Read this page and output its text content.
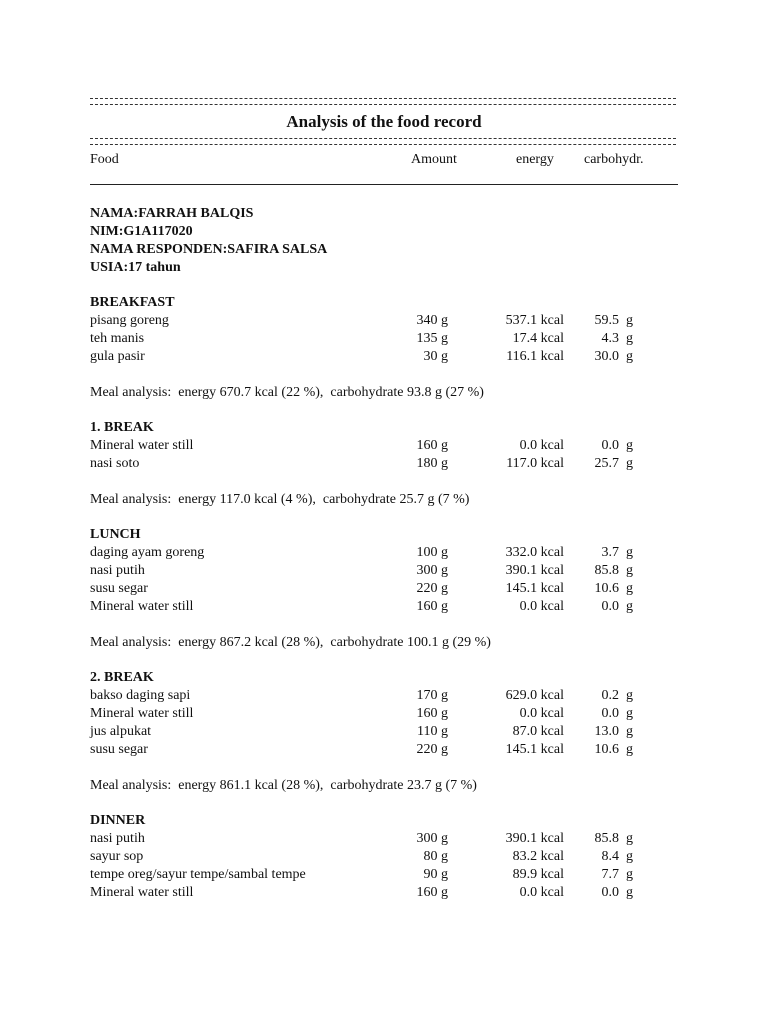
Analysis of the food record
Food	Amount	energy carbohydr.
NAMA:FARRAH BALQIS
NIM:G1A117020
NAMA RESPONDEN:SAFIRA SALSA
USIA:17 tahun
BREAKFAST
pisang goreng	340 g	537.1 kcal	59.5  g
teh manis	135 g	17.4 kcal	4.3  g
gula pasir	30 g	116.1 kcal	30.0  g
Meal analysis:  energy 670.7 kcal (22 %),  carbohydrate 93.8 g (27 %)
1. BREAK
Mineral water still	160 g	0.0 kcal	0.0  g
nasi soto	180 g	117.0 kcal	25.7  g
Meal analysis:  energy 117.0 kcal (4 %),  carbohydrate 25.7 g (7 %)
LUNCH
daging ayam goreng	100 g	332.0 kcal	3.7  g
nasi putih	300 g	390.1 kcal	85.8  g
susu segar	220 g	145.1 kcal	10.6  g
Mineral water still	160 g	0.0 kcal	0.0  g
Meal analysis:  energy 867.2 kcal (28 %),  carbohydrate 100.1 g (29 %)
2. BREAK
bakso daging sapi	170 g	629.0 kcal	0.2  g
Mineral water still	160 g	0.0 kcal	0.0  g
jus alpukat	110 g	87.0 kcal	13.0  g
susu segar	220 g	145.1 kcal	10.6  g
Meal analysis:  energy 861.1 kcal (28 %),  carbohydrate 23.7 g (7 %)
DINNER
nasi putih	300 g	390.1 kcal	85.8  g
sayur sop	80 g	83.2 kcal	8.4  g
tempe oreg/sayur tempe/sambal tempe	90 g	89.9 kcal	7.7  g
Mineral water still	160 g	0.0 kcal	0.0  g
